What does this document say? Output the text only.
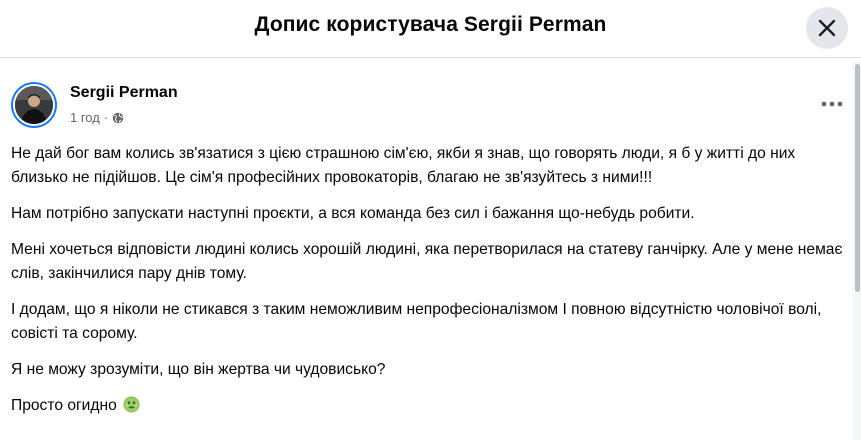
Допис користувача Sergii Perman
Sergii Perman
1 год ·

Не дай бог вам колись зв'язатися з цією страшною сім'єю, якби я знав, що говорять люди, я б у житті до них близько не підійшов. Це сім'я професійних провокаторів, благаю не зв'язуйтесь з ними!!!

Нам потрібно запускати наступні проєкти, а вся команда без сил і бажання що-небудь робити.

Мені хочеться відповісти людині колись хорошій людині, яка перетворилася на статеву ганчірку. Але у мене немає слів, закінчилися пару днів тому.

І додам, що я ніколи не стикався з таким неможливим непрофесіоналізмом І повною відсутністю чоловічої волі, совісті та сорому.

Я не можу зрозуміти, що він жертва чи чудовисько?

Просто огидно
